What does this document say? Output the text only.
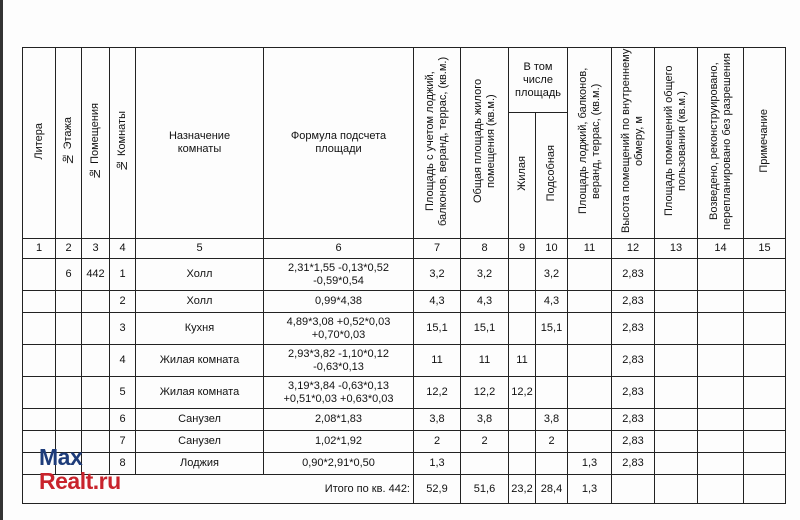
Литера	№ Этажа	№ Помещения	№ Комнаты	Назначение комнаты	Формула подсчета площади	Площадь с учетом лоджий, балконов, веранд, террас, (кв.м.)	Общая площадь жилого помещения (кв.м.)	В том числе площадь		Площадь лоджий, балконов, веранд, террас, (кв.м.)	Высота помещений по внутреннему обмеру, м	Площадь помещений общего пользования (кв.м.)	Возведено, реконструировано, перепланировано без разрешения	Примечание
								Жилая	Подсобная					
1	2	3	4	5	6	7	8	9	10	11	12	13	14	15
	6	442	1	Холл	2,31*1,55 -0,13*0,52 -0,59*0,54	3,2	3,2		3,2		2,83			
			2	Холл	0,99*4,38	4,3	4,3		4,3		2,83			
			3	Кухня	4,89*3,08 +0,52*0,03 +0,70*0,03	15,1	15,1		15,1		2,83			
			4	Жилая комната	2,93*3,82 -1,10*0,12 -0,63*0,13	11	11	11			2,83			
			5	Жилая комната	3,19*3,84 -0,63*0,13 +0,51*0,03 +0,63*0,03	12,2	12,2	12,2			2,83			
			6	Санузел	2,08*1,83	3,8	3,8		3,8		2,83			
			7	Санузел	1,02*1,92	2	2		2		2,83			
			8	Лоджия	0,90*2,91*0,50	1,3				1,3	2,83			
Итого по кв. 442:						52,9	51,6	23,2	28,4	1,3				
Max
Realt.ru
